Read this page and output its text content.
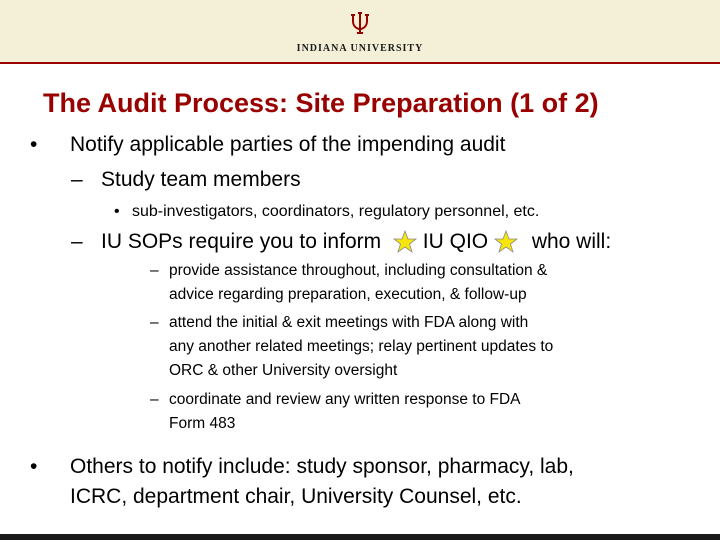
INDIANA UNIVERSITY
The Audit Process: Site Preparation (1 of 2)
• Notify applicable parties of the impending audit
– Study team members
• sub-investigators, coordinators, regulatory personnel, etc.
– IU SOPs require you to inform IU QIO who will:
– provide assistance throughout, including consultation &
advice regarding preparation, execution, & follow-up
– attend the initial & exit meetings with FDA along with
any another related meetings; relay pertinent updates to
ORC & other University oversight
– coordinate and review any written response to FDA
Form 483
• Others to notify include: study sponsor, pharmacy, lab,
ICRC, department chair, University Counsel, etc.
